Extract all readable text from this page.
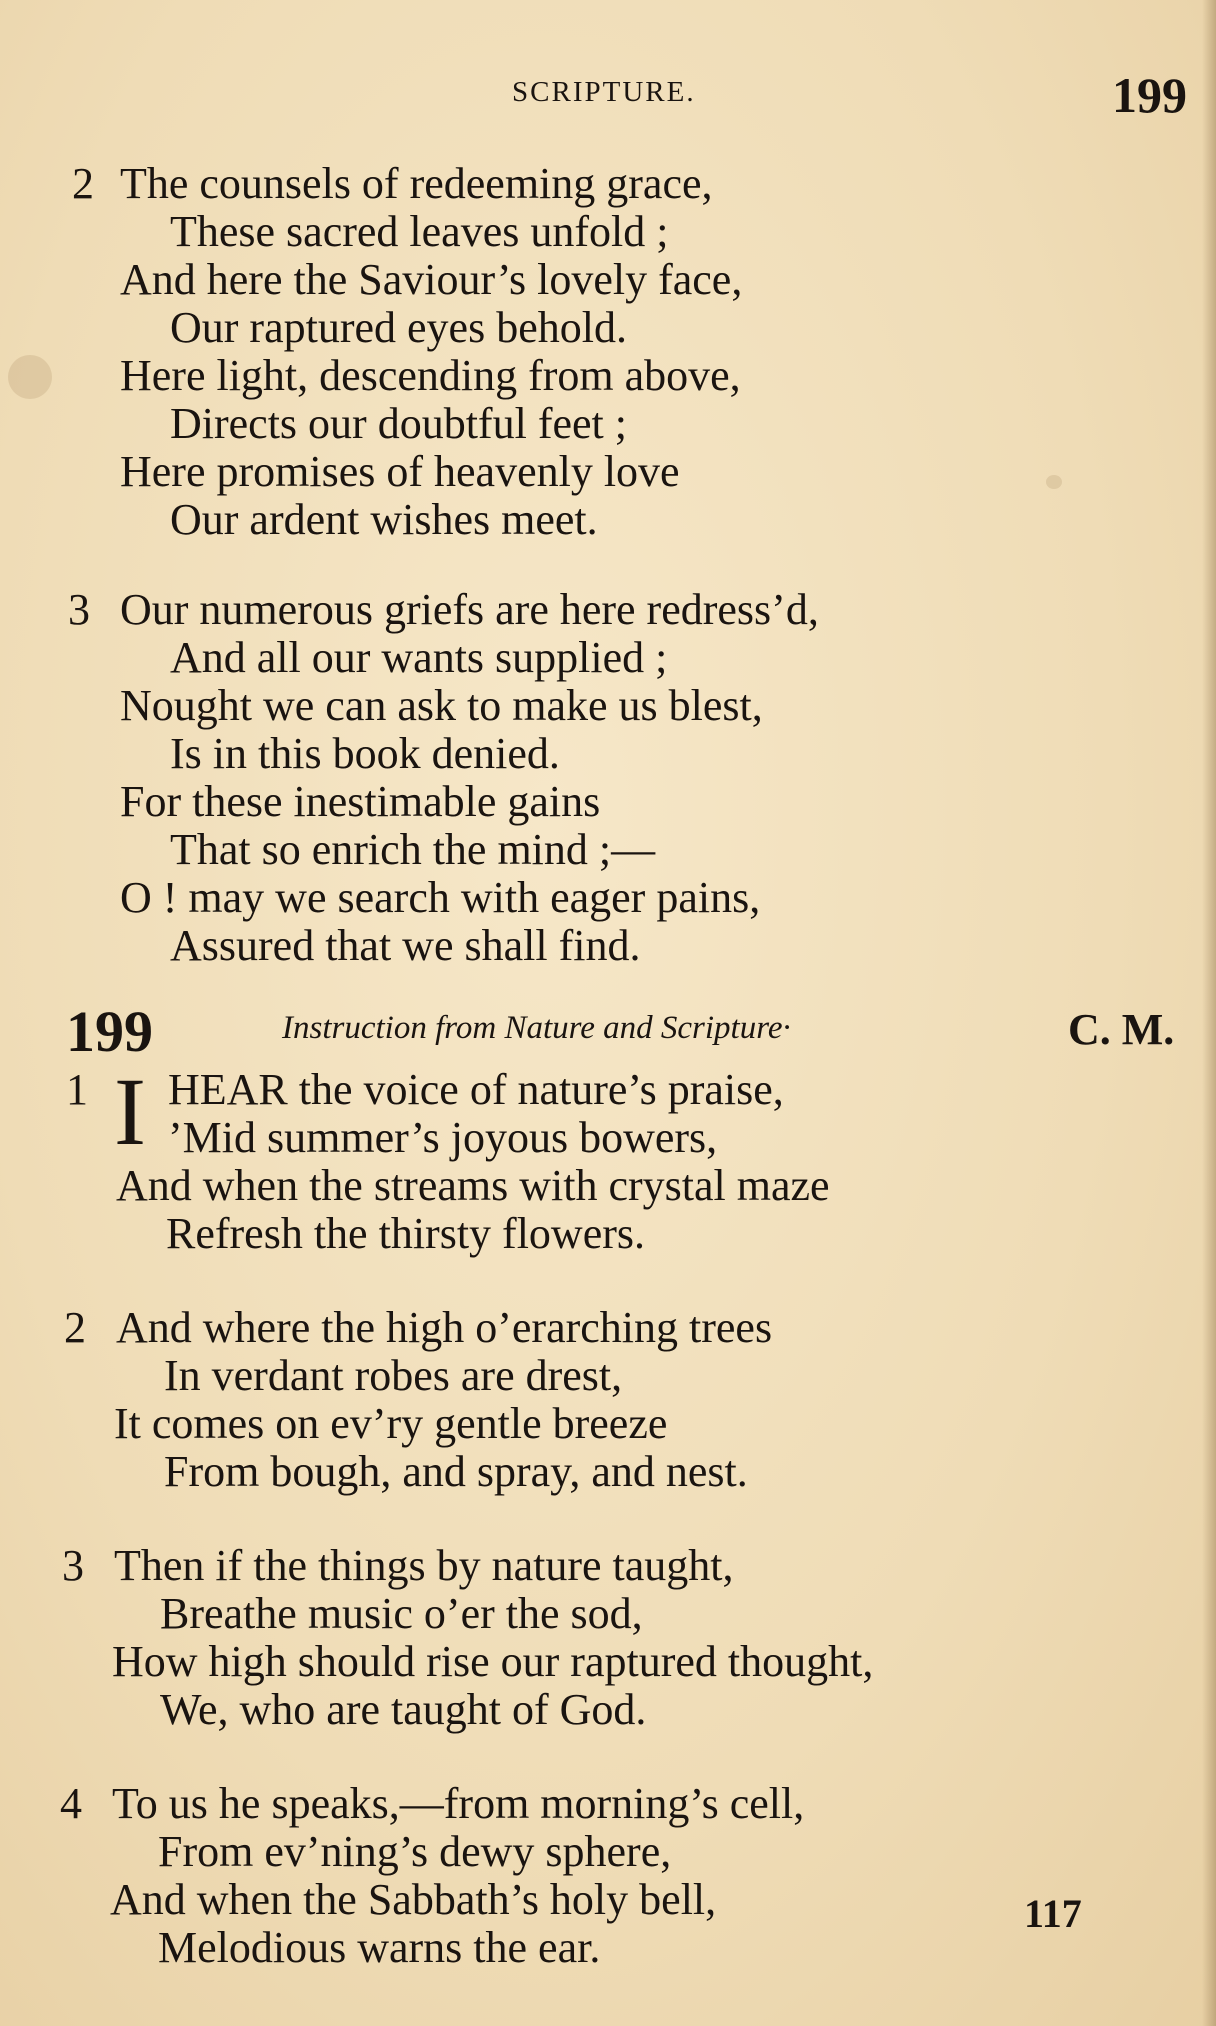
SCRIPTURE.	199
2 The counsels of redeeming grace,
These sacred leaves unfold ;
And here the Saviour’s lovely face,
Our raptured eyes behold.
Here light, descending from above,
Directs our doubtful feet ;
Here promises of heavenly love
Our ardent wishes meet.
3 Our numerous griefs are here redress’d,
And all our wants supplied ;
Nought we can ask to make us blest,
Is in this book denied.
For these inestimable gains
That so enrich the mind ;—
O ! may we search with eager pains,
Assured that we shall find.
199	Instruction from Nature and Scripture·	C. M.
1 I HEAR the voice of nature’s praise,
’Mid summer’s joyous bowers,
And when the streams with crystal maze
Refresh the thirsty flowers.
2 And where the high o’erarching trees
In verdant robes are drest,
It comes on ev’ry gentle breeze
From bough, and spray, and nest.
3 Then if the things by nature taught,
Breathe music o’er the sod,
How high should rise our raptured thought,
We, who are taught of God.
4 To us he speaks,—from morning’s cell,
From ev’ning’s dewy sphere,
And when the Sabbath’s holy bell,
Melodious warns the ear.
117
